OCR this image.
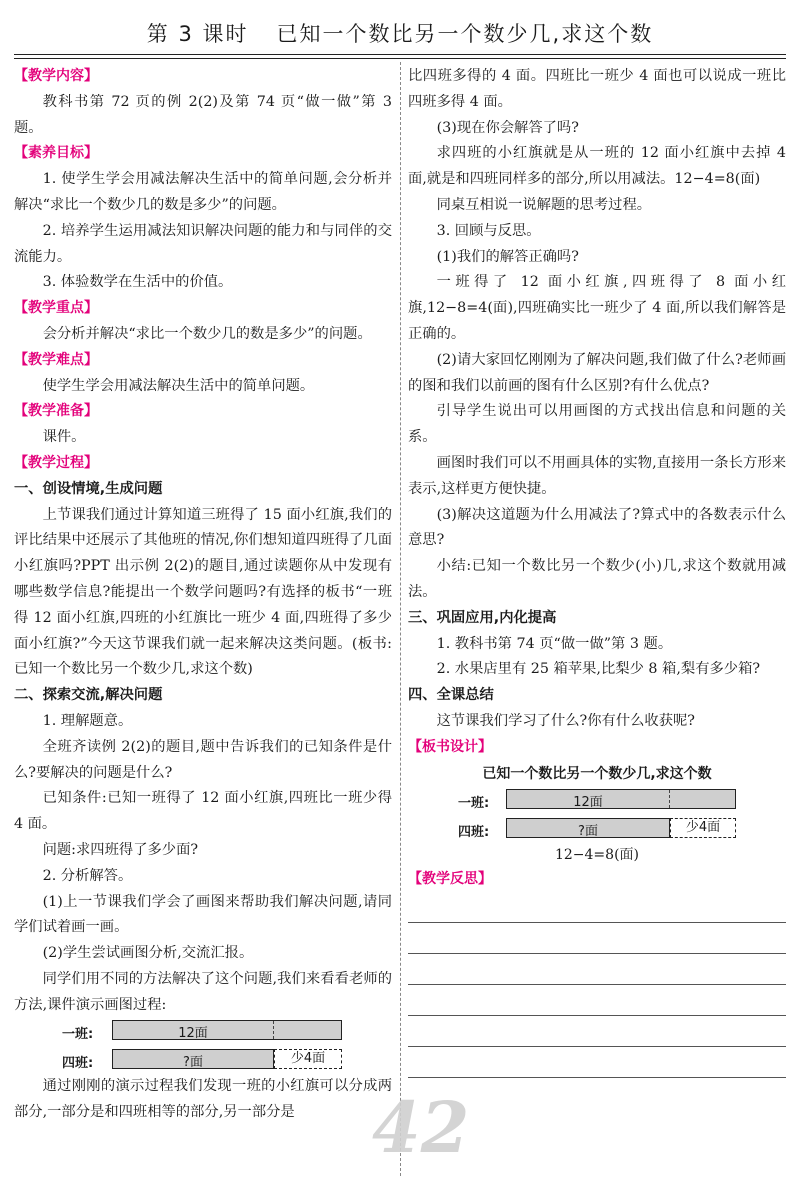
第 3 课时 已知一个数比另一个数少几,求这个数
【教学内容】

教科书第 72 页的例 2(2)及第 74 页“做一做”第 3 题。

【素养目标】

1. 使学生学会用减法解决生活中的简单问题,会分析并解决“求比一个数少几的数是多少”的问题。

2. 培养学生运用减法知识解决问题的能力和与同伴的交流能力。

3. 体验数学在生活中的价值。

【教学重点】

会分析并解决“求比一个数少几的数是多少”的问题。

【教学难点】

使学生学会用减法解决生活中的简单问题。

【教学准备】

课件。

【教学过程】

一、创设情境,生成问题

上节课我们通过计算知道三班得了 15 面小红旗,我们的评比结果中还展示了其他班的情况,你们想知道四班得了几面小红旗吗?PPT 出示例 2(2)的题目,通过读题你从中发现有哪些数学信息?能提出一个数学问题吗?有选择的板书“一班得 12 面小红旗,四班的小红旗比一班少 4 面,四班得了多少面小红旗?”今天这节课我们就一起来解决这类问题。(板书:已知一个数比另一个数少几,求这个数)

二、探索交流,解决问题

1. 理解题意。

全班齐读例 2(2)的题目,题中告诉我们的已知条件是什么?要解决的问题是什么?

已知条件:已知一班得了 12 面小红旗,四班比一班少得 4 面。

问题:求四班得了多少面?

2. 分析解答。

(1)上一节课我们学会了画图来帮助我们解决问题,请同学们试着画一画。

(2)学生尝试画图分析,交流汇报。

同学们用不同的方法解决了这个问题,我们来看看老师的方法,课件演示画图过程:

一班:	12面
四班:	?面	少4面

通过刚刚的演示过程我们发现一班的小红旗可以分成两部分,一部分是和四班相等的部分,另一部分是

比四班多得的 4 面。四班比一班少 4 面也可以说成一班比四班多得 4 面。

(3)现在你会解答了吗?

求四班的小红旗就是从一班的 12 面小红旗中去掉 4 面,就是和四班同样多的部分,所以用减法。12−4=8(面)

同桌互相说一说解题的思考过程。

3. 回顾与反思。

(1)我们的解答正确吗?

一班得了 12 面小红旗,四班得了 8 面小红旗,12−8=4(面),四班确实比一班少了 4 面,所以我们解答是正确的。

(2)请大家回忆刚刚为了解决问题,我们做了什么?老师画的图和我们以前画的图有什么区别?有什么优点?

引导学生说出可以用画图的方式找出信息和问题的关系。

画图时我们可以不用画具体的实物,直接用一条长方形来表示,这样更方便快捷。

(3)解决这道题为什么用减法了?算式中的各数表示什么意思?

小结:已知一个数比另一个数少(小)几,求这个数就用减法。

三、巩固应用,内化提高

1. 教科书第 74 页“做一做”第 3 题。

2. 水果店里有 25 箱苹果,比梨少 8 箱,梨有多少箱?

四、全课总结

这节课我们学习了什么?你有什么收获呢?

【板书设计】
已知一个数比另一个数少几,求这个数
一班:	12面
四班:	?面	少4面
12−4=8(面)
【教学反思】
42
